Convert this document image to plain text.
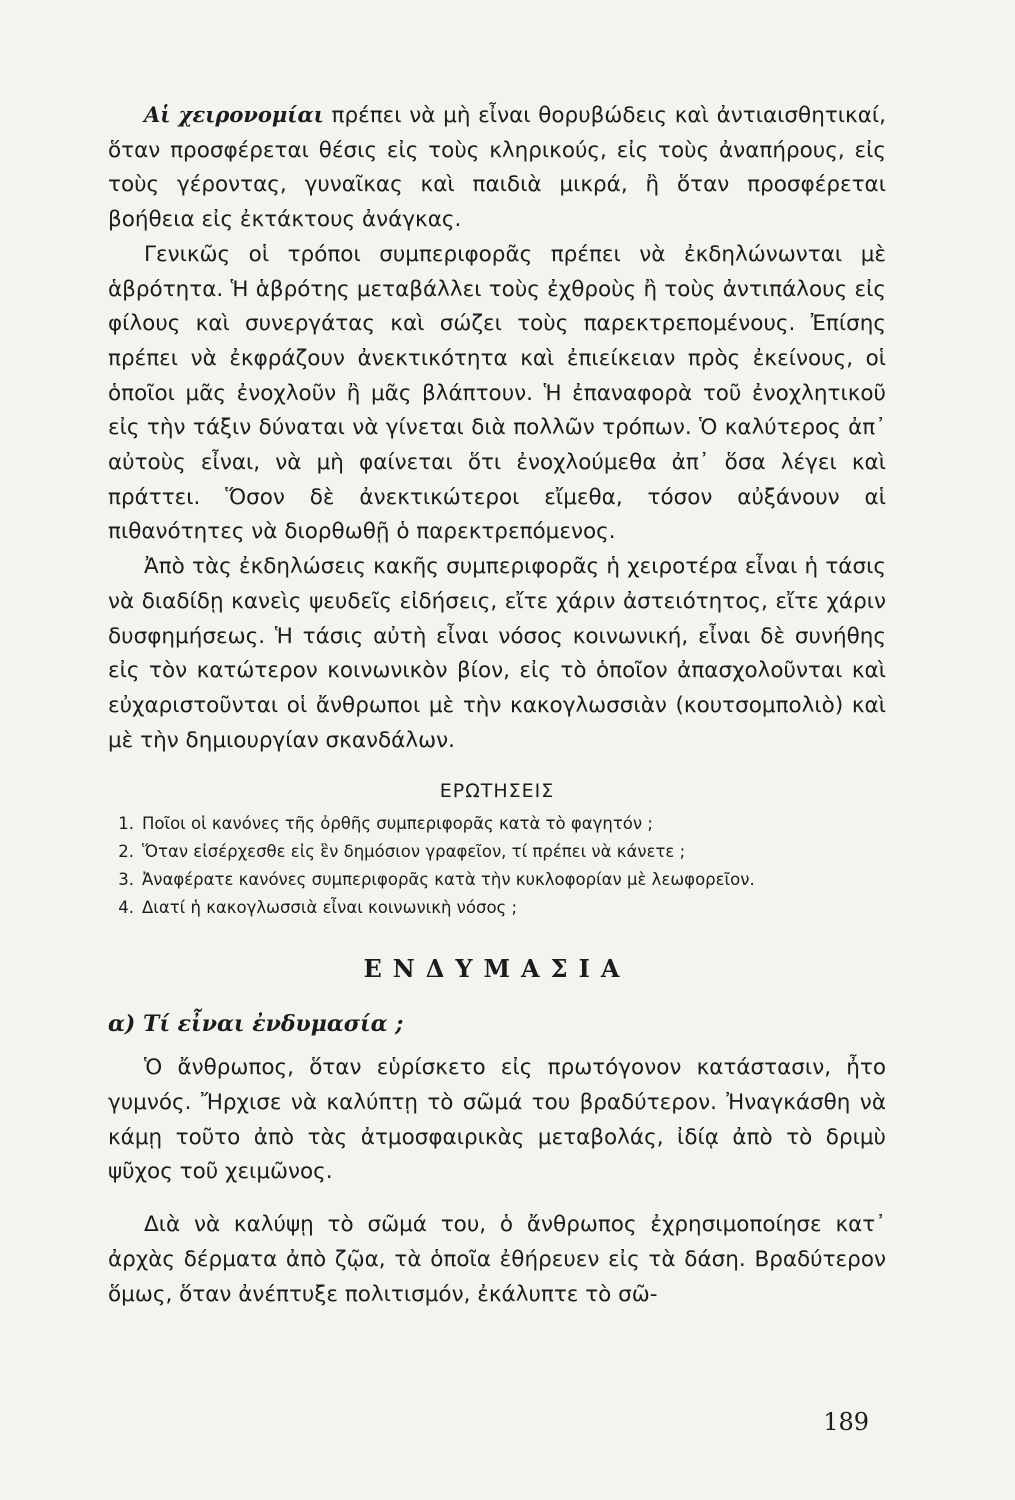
Αἱ χειρονομίαι πρέπει νὰ μὴ εἶναι θορυβώδεις καὶ ἀντιαισθητικαί, ὅταν προσφέρεται θέσις εἰς τοὺς κληρικούς, εἰς τοὺς ἀναπήρους, εἰς τοὺς γέροντας, γυναῖκας καὶ παιδιὰ μικρά, ἢ ὅταν προσφέρεται βοήθεια εἰς ἐκτάκτους ἀνάγκας.

Γενικῶς οἱ τρόποι συμπεριφορᾶς πρέπει νὰ ἐκδηλώνωνται μὲ ἁβρότητα. Ἡ ἁβρότης μεταβάλλει τοὺς ἐχθροὺς ἢ τοὺς ἀντιπάλους εἰς φίλους καὶ συνεργάτας καὶ σώζει τοὺς παρεκτρεπομένους. Ἐπίσης πρέπει νὰ ἐκφράζουν ἀνεκτικότητα καὶ ἐπιείκειαν πρὸς ἐκείνους, οἱ ὁποῖοι μᾶς ἐνοχλοῦν ἢ μᾶς βλάπτουν. Ἡ ἐπαναφορὰ τοῦ ἐνοχλητικοῦ εἰς τὴν τάξιν δύναται νὰ γίνεται διὰ πολλῶν τρόπων. Ὁ καλύτερος ἀπ᾽ αὐτοὺς εἶναι, νὰ μὴ φαίνεται ὅτι ἐνοχλούμεθα ἀπ᾽ ὅσα λέγει καὶ πράττει. Ὅσον δὲ ἀνεκτικώτεροι εἴμεθα, τόσον αὐξάνουν αἱ πιθανότητες νὰ διορθωθῇ ὁ παρεκτρεπόμενος.

Ἀπὸ τὰς ἐκδηλώσεις κακῆς συμπεριφορᾶς ἡ χειροτέρα εἶναι ἡ τάσις νὰ διαδίδῃ κανεὶς ψευδεῖς εἰδήσεις, εἴτε χάριν ἀστειότητος, εἴτε χάριν δυσφημήσεως. Ἡ τάσις αὐτὴ εἶναι νόσος κοινωνική, εἶναι δὲ συνήθης εἰς τὸν κατώτερον κοινωνικὸν βίον, εἰς τὸ ὁποῖον ἀπασχολοῦνται καὶ εὐχαριστοῦνται οἱ ἄνθρωποι μὲ τὴν κακογλωσσιὰν (κουτσομπολιὸ) καὶ μὲ τὴν δημιουργίαν σκανδάλων.

ΕΡΩΤΗΣΕΙΣ
1. Ποῖοι οἱ κανόνες τῆς ὀρθῆς συμπεριφορᾶς κατὰ τὸ φαγητόν ;
2. Ὅταν εἰσέρχεσθε εἰς ἓν δημόσιον γραφεῖον, τί πρέπει νὰ κάνετε ;
3. Ἀναφέρατε κανόνες συμπεριφορᾶς κατὰ τὴν κυκλοφορίαν μὲ λεωφορεῖον.
4. Διατί ἡ κακογλωσσιὰ εἶναι κοινωνικὴ νόσος ;
ΕΝΔΥΜΑΣΙΑ
α) Τί εἶναι ἐνδυμασία ;

Ὁ ἄνθρωπος, ὅταν εὑρίσκετο εἰς πρωτόγονον κατάστασιν, ἦτο γυμνός. Ἤρχισε νὰ καλύπτῃ τὸ σῶμά του βραδύτερον. Ἠναγκάσθη νὰ κάμῃ τοῦτο ἀπὸ τὰς ἀτμοσφαιρικὰς μεταβολάς, ἰδίᾳ ἀπὸ τὸ δριμὺ ψῦχος τοῦ χειμῶνος.

Διὰ νὰ καλύψῃ τὸ σῶμά του, ὁ ἄνθρωπος ἐχρησιμοποίησε κατ᾽ ἀρχὰς δέρματα ἀπὸ ζῷα, τὰ ὁποῖα ἐθήρευεν εἰς τὰ δάση. Βραδύτερον ὅμως, ὅταν ἀνέπτυξε πολιτισμόν, ἐκάλυπτε τὸ σῶ-

189
